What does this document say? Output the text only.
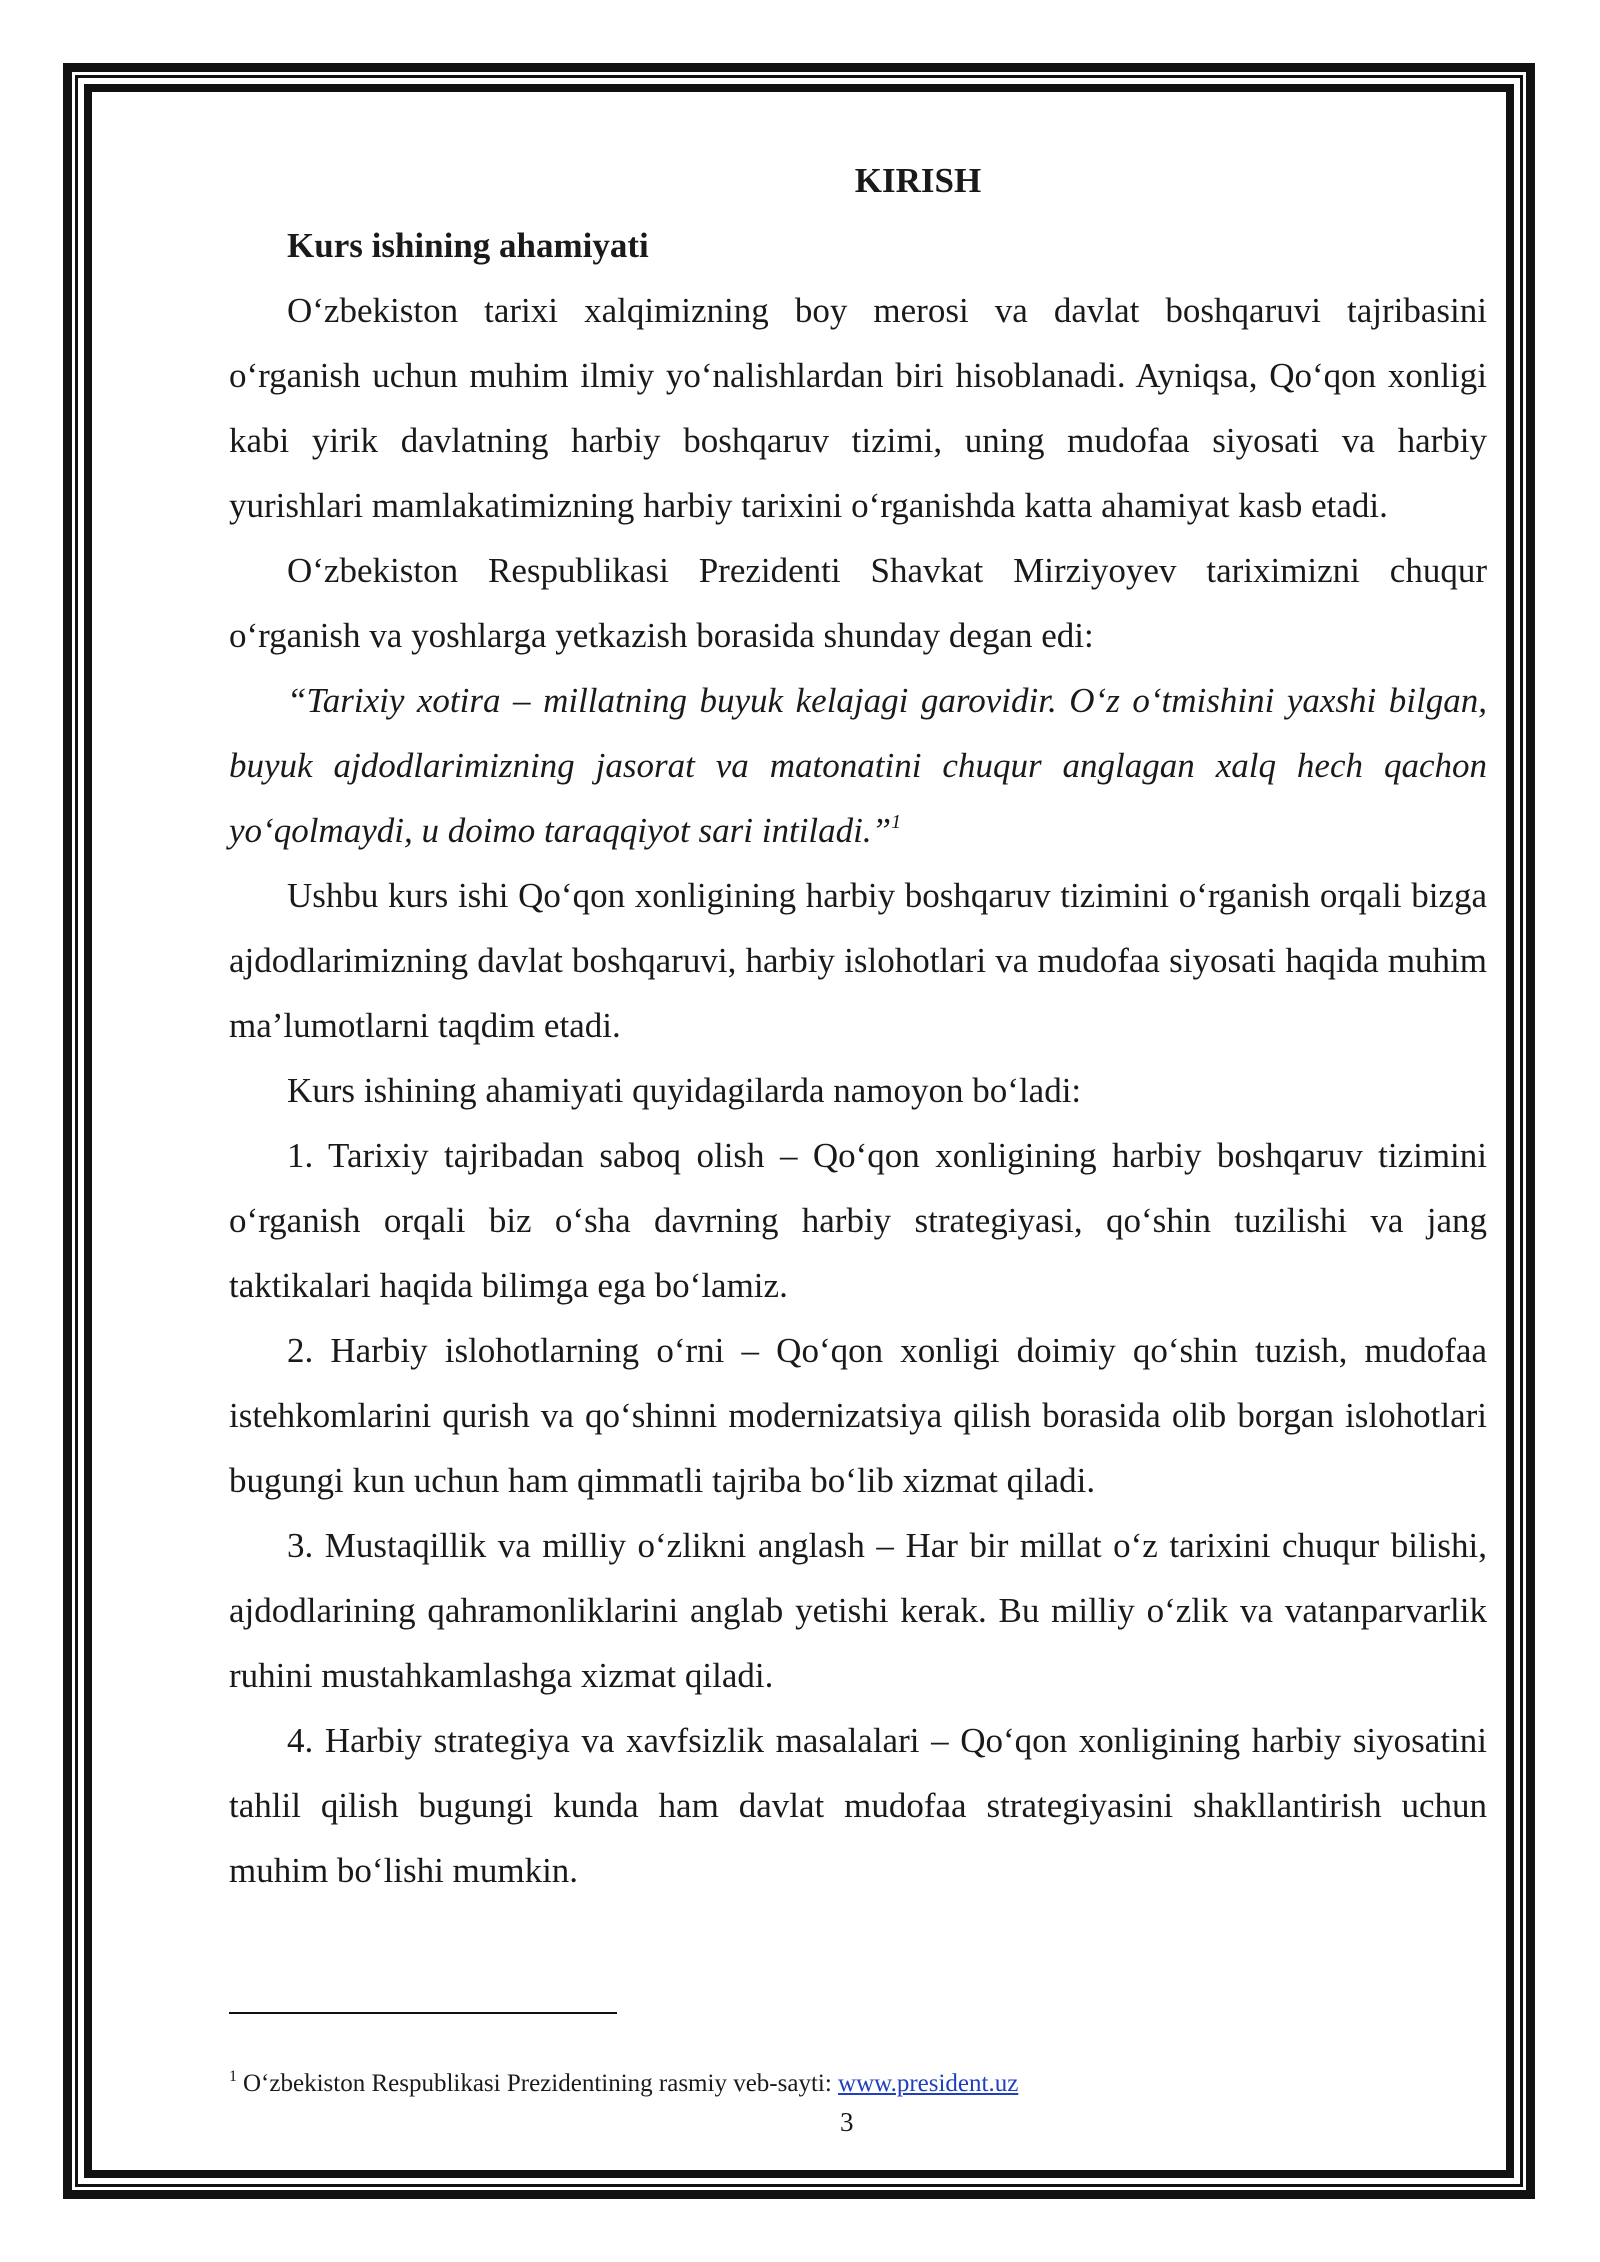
KIRISH
Kurs ishining ahamiyati

O‘zbekiston tarixi xalqimizning boy merosi va davlat boshqaruvi tajribasini o‘rganish uchun muhim ilmiy yo‘nalishlardan biri hisoblanadi. Ayniqsa, Qo‘qon xonligi kabi yirik davlatning harbiy boshqaruv tizimi, uning mudofaa siyosati va harbiy yurishlari mamlakatimizning harbiy tarixini o‘rganishda katta ahamiyat kasb etadi.

O‘zbekiston Respublikasi Prezidenti Shavkat Mirziyoyev tariximizni chuqur o‘rganish va yoshlarga yetkazish borasida shunday degan edi:

“Tarixiy xotira – millatning buyuk kelajagi garovidir. O‘z o‘tmishini yaxshi bilgan, buyuk ajdodlarimizning jasorat va matonatini chuqur anglagan xalq hech qachon yo‘qolmaydi, u doimo taraqqiyot sari intiladi.”$^1$

Ushbu kurs ishi Qo‘qon xonligining harbiy boshqaruv tizimini o‘rganish orqali bizga ajdodlarimizning davlat boshqaruvi, harbiy islohotlari va mudofaa siyosati haqida muhim ma’lumotlarni taqdim etadi.

Kurs ishining ahamiyati quyidagilarda namoyon bo‘ladi:

1. Tarixiy tajribadan saboq olish – Qo‘qon xonligining harbiy boshqaruv tizimini o‘rganish orqali biz o‘sha davrning harbiy strategiyasi, qo‘shin tuzilishi va jang taktikalari haqida bilimga ega bo‘lamiz.

2. Harbiy islohotlarning o‘rni – Qo‘qon xonligi doimiy qo‘shin tuzish, mudofaa istehkomlarini qurish va qo‘shinni modernizatsiya qilish borasida olib borgan islohotlari bugungi kun uchun ham qimmatli tajriba bo‘lib xizmat qiladi.

3. Mustaqillik va milliy o‘zlikni anglash – Har bir millat o‘z tarixini chuqur bilishi, ajdodlarining qahramonliklarini anglab yetishi kerak. Bu milliy o‘zlik va vatanparvarlik ruhini mustahkamlashga xizmat qiladi.

4. Harbiy strategiya va xavfsizlik masalalari – Qo‘qon xonligining harbiy siyosatini tahlil qilish bugungi kunda ham davlat mudofaa strategiyasini shakllantirish uchun muhim bo‘lishi mumkin.

$^1$ O‘zbekiston Respublikasi Prezidentining rasmiy veb-sayti: www.president.uz
3
